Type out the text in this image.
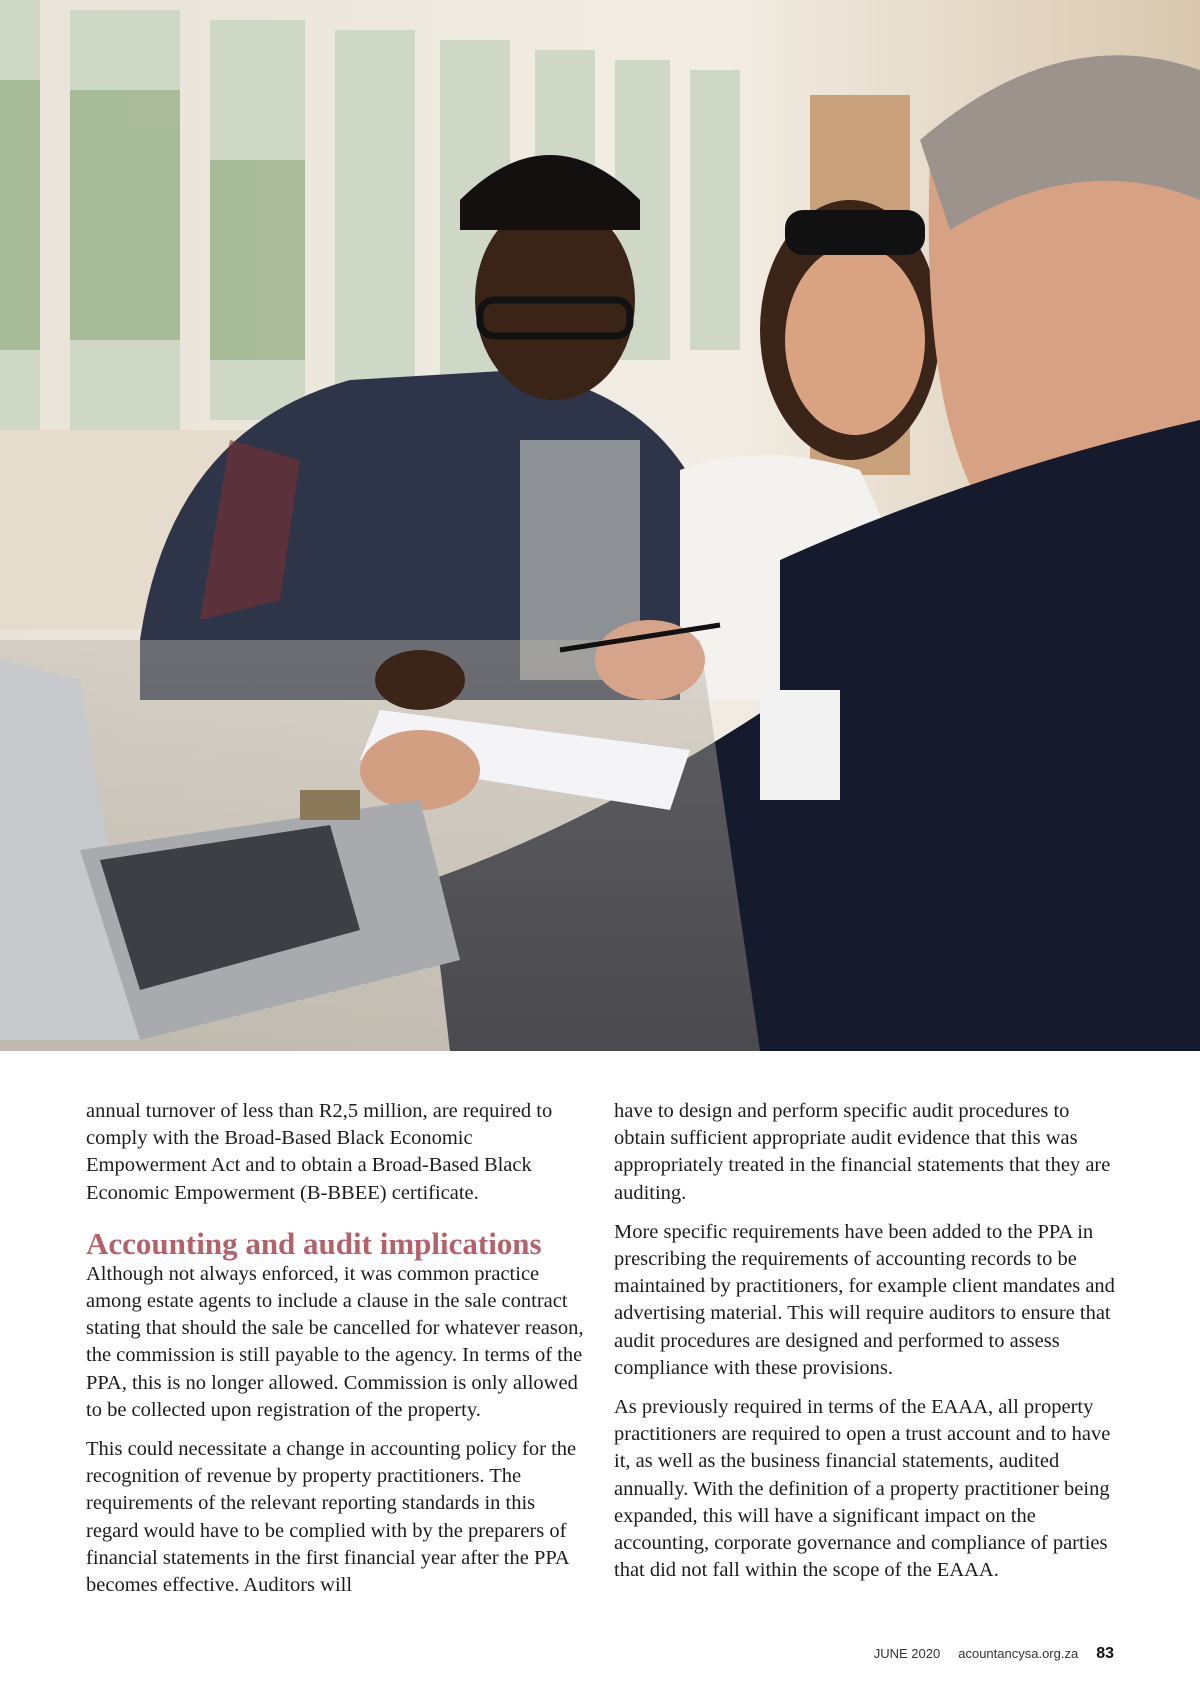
annual turnover of less than R2,5 million, are required to comply with the Broad-Based Black Economic Empowerment Act and to obtain a Broad-Based Black Economic Empowerment (B-BBEE) certificate.

Accounting and audit implications

Although not always enforced, it was common practice among estate agents to include a clause in the sale contract stating that should the sale be cancelled for whatever reason, the commission is still payable to the agency. In terms of the PPA, this is no longer allowed. Commission is only allowed to be collected upon registration of the property.

This could necessitate a change in accounting policy for the recognition of revenue by property practitioners. The requirements of the relevant reporting standards in this regard would have to be complied with by the preparers of financial statements in the first financial year after the PPA becomes effective. Auditors will

have to design and perform specific audit procedures to obtain sufficient appropriate audit evidence that this was appropriately treated in the financial statements that they are auditing.

More specific requirements have been added to the PPA in prescribing the requirements of accounting records to be maintained by practitioners, for example client mandates and advertising material. This will require auditors to ensure that audit procedures are designed and performed to assess compliance with these provisions.

As previously required in terms of the EAAA, all property practitioners are required to open a trust account and to have it, as well as the business financial statements, audited annually. With the definition of a property practitioner being expanded, this will have a significant impact on the accounting, corporate governance and compliance of parties that did not fall within the scope of the EAAA.

JUNE 2020 acountancysa.org.za 83
